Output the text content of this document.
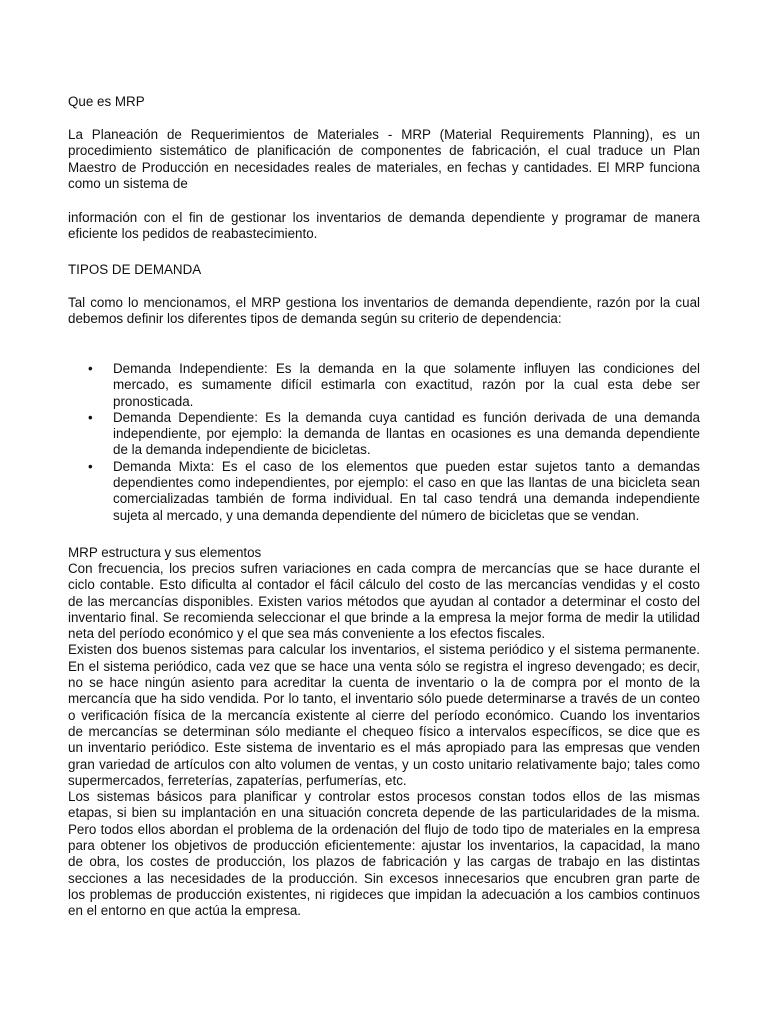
Que es MRP
La Planeación de Requerimientos de Materiales - MRP (Material Requirements Planning), es un
procedimiento sistemático de planificación de componentes de fabricación, el cual traduce un Plan
Maestro de Producción en necesidades reales de materiales, en fechas y cantidades. El MRP funciona
como un sistema de
información con el fin de gestionar los inventarios de demanda dependiente y programar de manera
eficiente los pedidos de reabastecimiento.
TIPOS DE DEMANDA
Tal como lo mencionamos, el MRP gestiona los inventarios de demanda dependiente, razón por la cual
debemos definir los diferentes tipos de demanda según su criterio de dependencia:
• Demanda Independiente: Es la demanda en la que solamente influyen las condiciones del
mercado, es sumamente difícil estimarla con exactitud, razón por la cual esta debe ser
pronosticada.
• Demanda Dependiente: Es la demanda cuya cantidad es función derivada de una demanda
independiente, por ejemplo: la demanda de llantas en ocasiones es una demanda dependiente
de la demanda independiente de bicicletas.
• Demanda Mixta: Es el caso de los elementos que pueden estar sujetos tanto a demandas
dependientes como independientes, por ejemplo: el caso en que las llantas de una bicicleta sean
comercializadas también de forma individual. En tal caso tendrá una demanda independiente
sujeta al mercado, y una demanda dependiente del número de bicicletas que se vendan.
MRP estructura y sus elementos
Con frecuencia, los precios sufren variaciones en cada compra de mercancías que se hace durante el
ciclo contable. Esto dificulta al contador el fácil cálculo del costo de las mercancías vendidas y el costo
de las mercancías disponibles. Existen varios métodos que ayudan al contador a determinar el costo del
inventario final. Se recomienda seleccionar el que brinde a la empresa la mejor forma de medir la utilidad
neta del período económico y el que sea más conveniente a los efectos fiscales.
Existen dos buenos sistemas para calcular los inventarios, el sistema periódico y el sistema permanente.
En el sistema periódico, cada vez que se hace una venta sólo se registra el ingreso devengado; es decir,
no se hace ningún asiento para acreditar la cuenta de inventario o la de compra por el monto de la
mercancía que ha sido vendida. Por lo tanto, el inventario sólo puede determinarse a través de un conteo
o verificación física de la mercancía existente al cierre del período económico. Cuando los inventarios
de mercancías se determinan sólo mediante el chequeo físico a intervalos específicos, se dice que es
un inventario periódico. Este sistema de inventario es el más apropiado para las empresas que venden
gran variedad de artículos con alto volumen de ventas, y un costo unitario relativamente bajo; tales como
supermercados, ferreterías, zapaterías, perfumerías, etc.
Los sistemas básicos para planificar y controlar estos procesos constan todos ellos de las mismas
etapas, si bien su implantación en una situación concreta depende de las particularidades de la misma.
Pero todos ellos abordan el problema de la ordenación del flujo de todo tipo de materiales en la empresa
para obtener los objetivos de producción eficientemente: ajustar los inventarios, la capacidad, la mano
de obra, los costes de producción, los plazos de fabricación y las cargas de trabajo en las distintas
secciones a las necesidades de la producción. Sin excesos innecesarios que encubren gran parte de
los problemas de producción existentes, ni rigideces que impidan la adecuación a los cambios continuos
en el entorno en que actúa la empresa.
